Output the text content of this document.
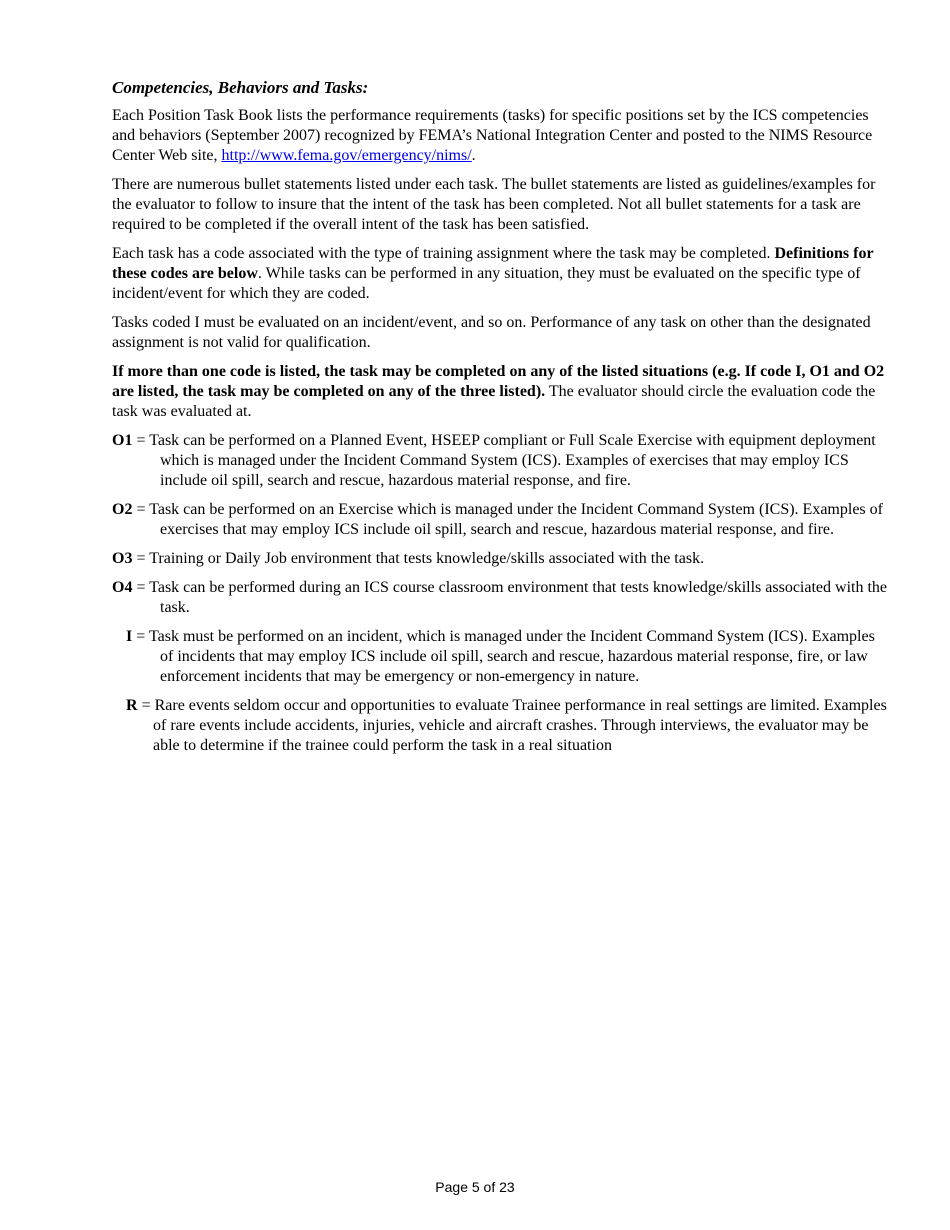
Competencies, Behaviors and Tasks:

Each Position Task Book lists the performance requirements (tasks) for specific positions set by the ICS competencies and behaviors (September 2007) recognized by FEMA’s National Integration Center and posted to the NIMS Resource Center Web site, http://www.fema.gov/emergency/nims/.

There are numerous bullet statements listed under each task. The bullet statements are listed as guidelines/examples for the evaluator to follow to insure that the intent of the task has been completed. Not all bullet statements for a task are required to be completed if the overall intent of the task has been satisfied.

Each task has a code associated with the type of training assignment where the task may be completed. Definitions for these codes are below. While tasks can be performed in any situation, they must be evaluated on the specific type of incident/event for which they are coded.

Tasks coded I must be evaluated on an incident/event, and so on. Performance of any task on other than the designated assignment is not valid for qualification.

If more than one code is listed, the task may be completed on any of the listed situations (e.g. If code I, O1 and O2 are listed, the task may be completed on any of the three listed). The evaluator should circle the evaluation code the task was evaluated at.

O1 = Task can be performed on a Planned Event, HSEEP compliant or Full Scale Exercise with equipment deployment which is managed under the Incident Command System (ICS). Examples of exercises that may employ ICS include oil spill, search and rescue, hazardous material response, and fire.
O2 = Task can be performed on an Exercise which is managed under the Incident Command System (ICS). Examples of exercises that may employ ICS include oil spill, search and rescue, hazardous material response, and fire.
O3 = Training or Daily Job environment that tests knowledge/skills associated with the task.
O4 = Task can be performed during an ICS course classroom environment that tests knowledge/skills associated with the task.
I = Task must be performed on an incident, which is managed under the Incident Command System (ICS). Examples of incidents that may employ ICS include oil spill, search and rescue, hazardous material response, fire, or law enforcement incidents that may be emergency or non-emergency in nature.
R = Rare events seldom occur and opportunities to evaluate Trainee performance in real settings are limited. Examples of rare events include accidents, injuries, vehicle and aircraft crashes. Through interviews, the evaluator may be able to determine if the trainee could perform the task in a real situation
Page 5 of 23
